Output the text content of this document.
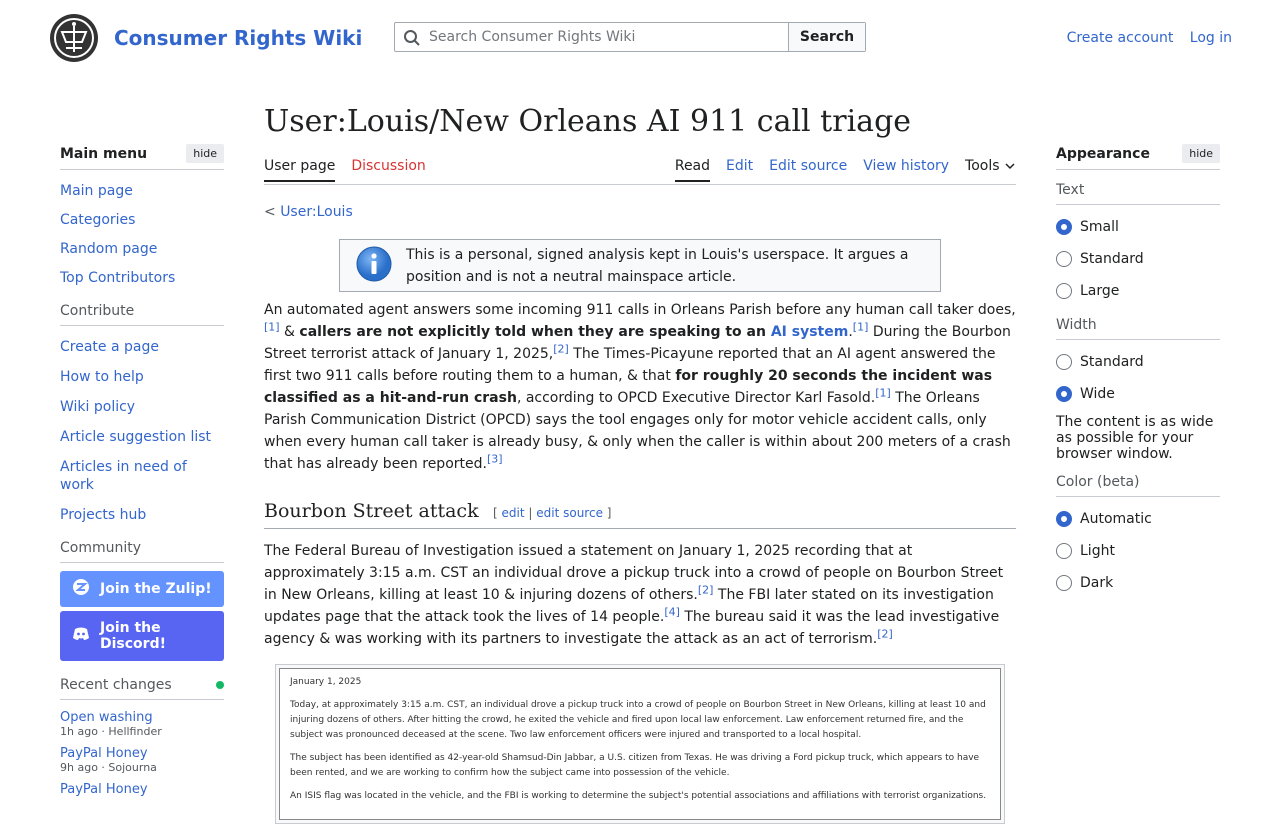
Consumer Rights Wiki
Search Consumer Rights Wiki	Search	Create account Log in
Main menu	hide
Main page
Categories
Random page
Top Contributors
Contribute
Create a page
How to help
Wiki policy
Article suggestion list
Articles in need of work
Projects hub
Community
Join the Zulip!
Join the Discord!
Recent changes
Open washing
1h ago · Hellfinder
PayPal Honey
9h ago · Sojourna
PayPal Honey
User:Louis/New Orleans AI 911 call triage
User page Discussion	Read Edit Edit source View history Tools
< User:Louis
This is a personal, signed analysis kept in Louis's userspace. It argues a position and is not a neutral mainspace article.
An automated agent answers some incoming 911 calls in Orleans Parish before any human call taker does,[1] & callers are not explicitly told when they are speaking to an AI system.[1] During the Bourbon Street terrorist attack of January 1, 2025,[2] The Times-Picayune reported that an AI agent answered the first two 911 calls before routing them to a human, & that for roughly 20 seconds the incident was classified as a hit-and-run crash, according to OPCD Executive Director Karl Fasold.[1] The Orleans Parish Communication District (OPCD) says the tool engages only for motor vehicle accident calls, only when every human call taker is already busy, & only when the caller is within about 200 meters of a crash that has already been reported.[3]
Bourbon Street attack [ edit | edit source ]
The Federal Bureau of Investigation issued a statement on January 1, 2025 recording that at approximately 3:15 a.m. CST an individual drove a pickup truck into a crowd of people on Bourbon Street in New Orleans, killing at least 10 & injuring dozens of others.[2] The FBI later stated on its investigation updates page that the attack took the lives of 14 people.[4] The bureau said it was the lead investigative agency & was working with its partners to investigate the attack as an act of terrorism.[2]

January 1, 2025

Today, at approximately 3:15 a.m. CST, an individual drove a pickup truck into a crowd of people on Bourbon Street in New Orleans, killing at least 10 and injuring dozens of others. After hitting the crowd, he exited the vehicle and fired upon local law enforcement. Law enforcement returned fire, and the subject was pronounced deceased at the scene. Two law enforcement officers were injured and transported to a local hospital.

The subject has been identified as 42-year-old Shamsud-Din Jabbar, a U.S. citizen from Texas. He was driving a Ford pickup truck, which appears to have been rented, and we are working to confirm how the subject came into possession of the vehicle.

An ISIS flag was located in the vehicle, and the FBI is working to determine the subject's potential associations and affiliations with terrorist organizations.

Appearance	hide
Text
Small
Standard
Large
Width
Standard
Wide
The content is as wide as possible for your browser window.
Color (beta)
Automatic
Light
Dark
